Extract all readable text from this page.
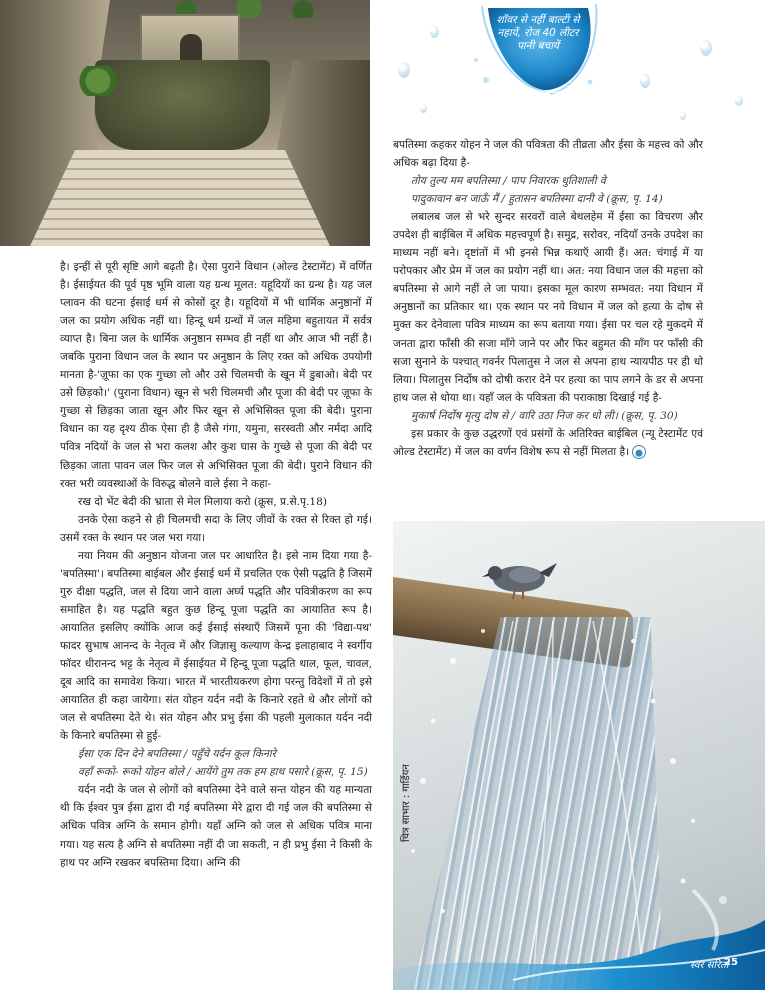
शॉवर से नहीं बाल्टी से नहायें, रोज 40 लीटर पानी बचायें

है। इन्हीं से पूरी सृष्टि आगे बढ़ती है। ऐसा पुराने विधान (ओल्ड टेस्टामेंट) में वर्णित है। ईसाईयत की पूर्व पृष्ठ भूमि वाला यह ग्रन्थ मूलत: यहूदियों का ग्रन्थ है। यह जल प्लावन की घटना ईसाई धर्म से कोसों दूर है। यहूदियों में भी धार्मिक अनुष्ठानों में जल का प्रयोग अधिक नहीं था। हिन्दू धर्म ग्रन्थों में जल महिमा बहुतायत में सर्वत्र व्याप्त है। बिना जल के धार्मिक अनुष्ठान सम्भव ही नहीं था और आज भी नहीं है। जबकि पुराना विधान जल के स्थान पर अनुष्ठान के लिए रक्त को अधिक उपयोगी मानता है-'ज़ूफा का एक गुच्छा लो और उसे चिलमची के खून में डुबाओ। बेदी पर उसे छिड़को।' (पुराना विधान) खून से भरी चिलमची और पूजा की बेदी पर ज़ूफा के गुच्छा से छिड़का जाता खून और फिर खून से अभिसिक्त पूजा की बेदी। पुराना विधान का यह दृश्य ठीक ऐसा ही है जैसे गंगा, यमुना, सरस्वती और नर्मदा आदि पवित्र नदियों के जल से भरा कलश और कुश घास के गुच्छे से पूजा की बेदी पर छिड़का जाता पावन जल फिर जल से अभिसिक्त पूजा की बेदी। पुराने विधान की रक्त भरी व्यवस्थाओं के विरुद्ध बोलने वाले ईसा ने कहा-

रख दो भेंट बेदी की भ्राता से मेल मिलाया करो (क्रूस, प्र.से.पृ.18)

उनके ऐसा कहने से ही चिलमची सदा के लिए जीवों के रक्त से रिक्त हो गई। उसमें रक्त के स्थान पर जल भरा गया।

नया नियम की अनुष्ठान योजना जल पर आधारित है। इसे नाम दिया गया है- 'बपतिस्मा'। बपतिस्मा बाईबल और ईसाई धर्म में प्रचलित एक ऐसी पद्धति है जिसमें गुरु दीक्षा पद्धति, जल से दिया जाने वाला अर्घ्य पद्धति और पवित्रीकरण का रूप समाहित है। यह पद्धति बहुत कुछ हिन्दू पूजा पद्धति का आयातित रूप है। आयातित इसलिए क्योंकि आज कई ईसाई संस्थाएँ जिसमें पूना की 'विद्या-पथ' फादर सुभाष आनन्द के नेतृत्व में और जिज्ञासु कल्याण केन्द्र इलाहाबाद ने स्वर्गीय फॉदर धीरानन्द भट्ट के नेतृत्व में ईसाईयत में हिन्दू पूजा पद्धति थाल, फूल, चावल, दूब आदि का समावेश किया। भारत में भारतीयकरण होगा परन्तु विदेशों में तो इसे आयातित ही कहा जायेगा। संत योहन यर्दन नदी के किनारे रहते थे और लोगों को जल से बपतिस्मा देते थे। संत योहन और प्रभु ईसा की पहली मुलाकात यर्दन नदी के किनारे बपतिस्मा से हुई-

ईसा एक दिन देने बपतिस्मा / पहुँचे यर्दन कूल किनारे

वहाँ रूको- रूको योहन बोले / आयेंगे तुम तक हम हाथ पसारे (क्रूस, पृ. 15)

यर्दन नदी के जल से लोगों को बपतिस्मा देने वाले सन्त योहन की यह मान्यता थी कि ईश्वर पुत्र ईसा द्वारा दी गई बपतिस्मा मेरे द्वारा दी गई जल की बपतिस्मा से अधिक पवित्र अग्नि के समान होगी। यहाँ अग्नि को जल से अधिक पवित्र माना गया। यह सत्य है अग्नि से बपतिस्मा नहीं दी जा सकती, न ही प्रभु ईसा ने किसी के हाथ पर अग्नि रखकर बपस्तिमा दिया। अग्नि की

बपतिस्मा कहकर योहन ने जल की पवित्रता की तीव्रता और ईसा के महत्त्व को और अधिक बढ़ा दिया है-

तोय तुल्य मम बपतिस्मा / पाप निवारक धुतिशाली वे

पादुकावान बन जाऊँ मैं / हुतासन बपतिस्मा दानी वे (क्रूस, पृ. 14)

लबालब जल से भरे सुन्दर सरवरों वाले बेथलहेम में ईसा का विचरण और उपदेश ही बाईबिल में अधिक महत्त्वपूर्ण है। समुद्र, सरोवर, नदियाँ उनके उपदेश का माध्यम नहीं बने। दृष्टांतों में भी इनसे भिन्न कथाएँ आयी हैं। अत: चंगाई में या परोपकार और प्रेम में जल का प्रयोग नहीं था। अत: नया विधान जल की महत्ता को बपतिस्मा से आगे नहीं ले जा पाया। इसका मूल कारण सम्भवत: नया विधान में अनुष्ठानों का प्रतिकार था। एक स्थान पर नये विधान में जल को हत्या के दोष से मुक्त कर देनेवाला पवित्र माध्यम का रूप बताया गया। ईसा पर चल रहे मुकदमे में जनता द्वारा फाँसी की सजा माँगे जाने पर और फिर बहुमत की माँग पर फाँसी की सजा सुनाने के पश्चात् गवर्नर पिलातुस ने जल से अपना हाथ न्यायपीठ पर ही धो लिया। पिलातुस निर्दोष को दोषी करार देने पर हत्या का पाप लगने के डर से अपना हाथ जल से धोया था। यहाँ जल के पवित्रता की पराकाष्ठा दिखाई गई है-

मुकार्ष निर्दोष मृत्यु दोष से / वारि उठा निज कर धो ली। (क्रूस, पृ. 30)

इस प्रकार के कुछ उद्धरणों एवं प्रसंगों के अतिरिक्त बाईबिल (न्यू टेस्टामेंट एवं ओल्ड टेस्टामेंट) में जल का वर्णन विशेष रूप से नहीं मिलता है।

चित्र साभार : गार्डियन
स्वर सरिता
25
